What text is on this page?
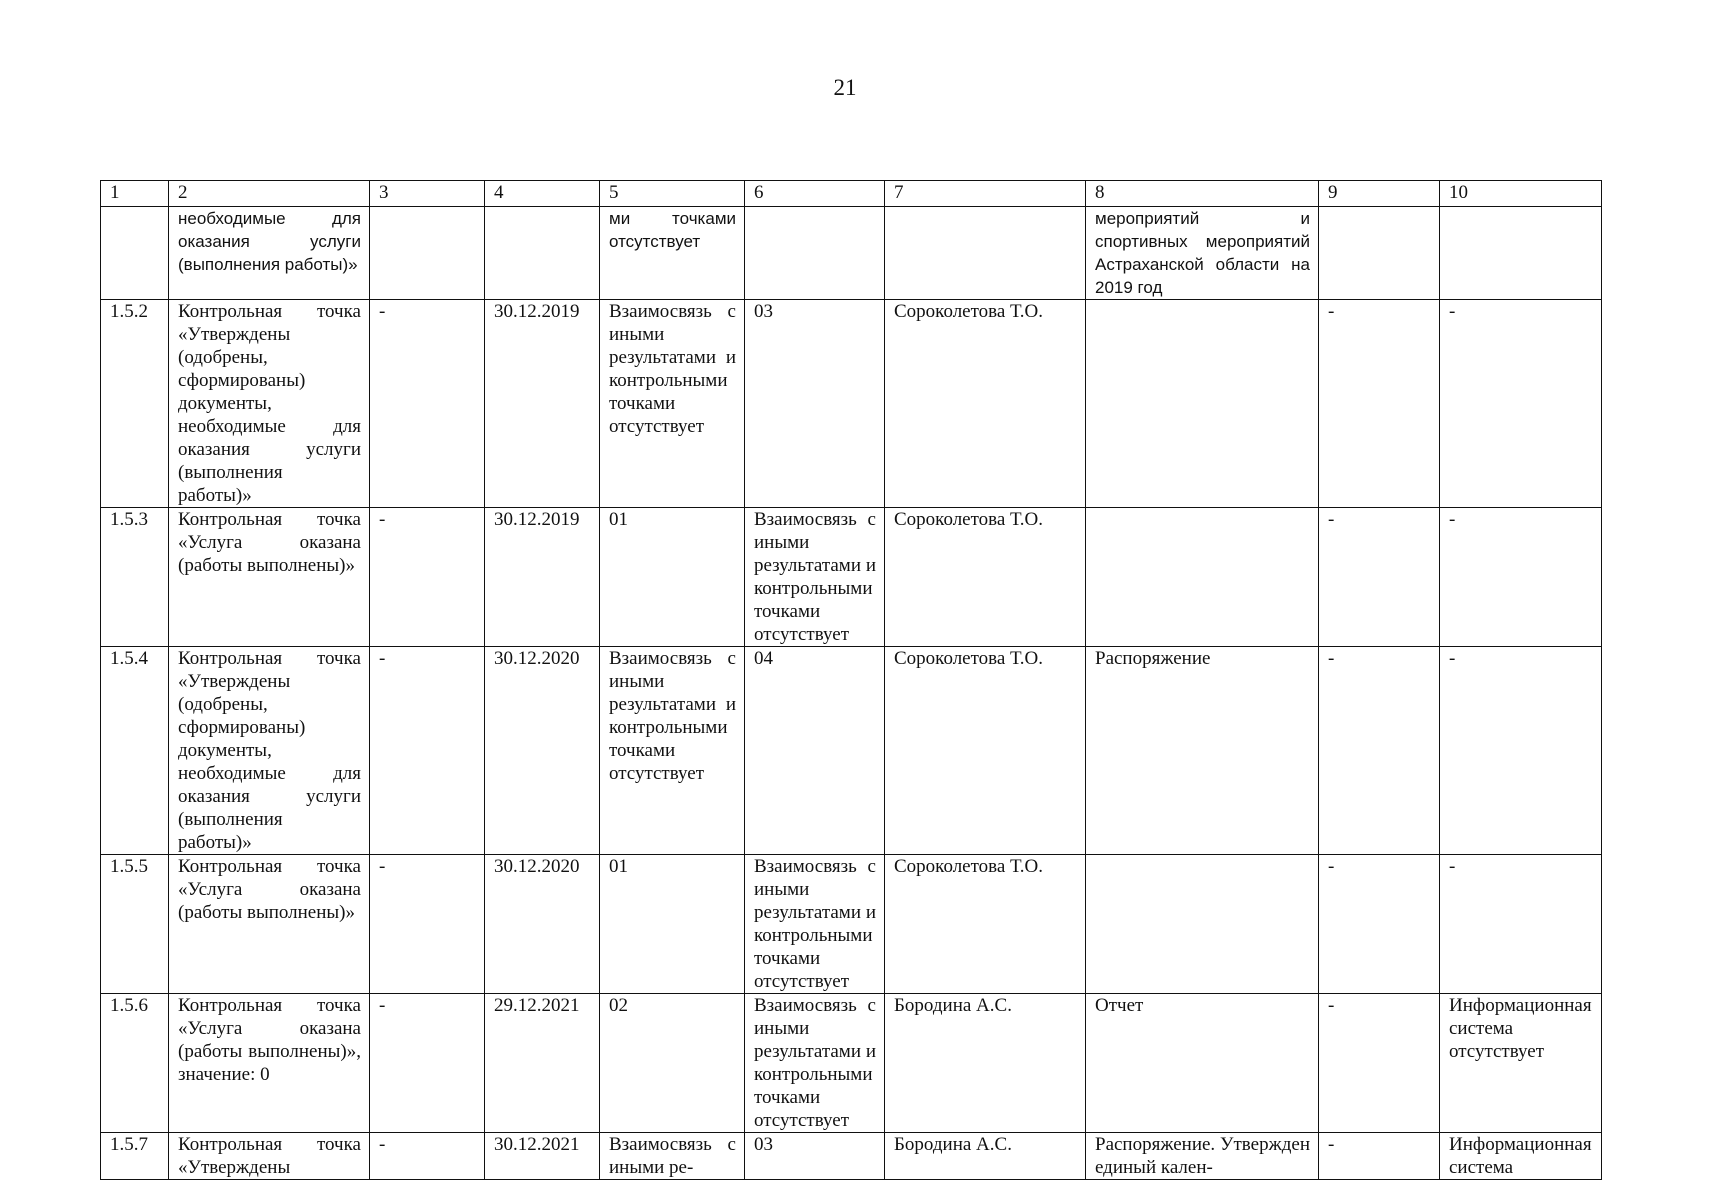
21
1	2	3	4	5	6	7	8	9	10
	необходимые для оказания услуги (выполнения работы)»			ми точками отсутствует			мероприятий и спортивных мероприятий Астраханской области на 2019 год		
1.5.2	Контрольная точка «Утверждены (одобрены, сформированы) документы, необходимые для оказания услуги (выполнения работы)»	-	30.12.2019	Взаимосвязь с иными результатами и контрольными точками отсутствует	03	Сороколетова Т.О.		-	-
1.5.3	Контрольная точка «Услуга оказана (работы выполнены)»	-	30.12.2019	01	Взаимосвязь с иными результатами и контрольными точками отсутствует	Сороколетова Т.О.		-	-
1.5.4	Контрольная точка «Утверждены (одобрены, сформированы) документы, необходимые для оказания услуги (выполнения работы)»	-	30.12.2020	Взаимосвязь с иными результатами и контрольными точками отсутствует	04	Сороколетова Т.О.	Распоряжение	-	-
1.5.5	Контрольная точка «Услуга оказана (работы выполнены)»	-	30.12.2020	01	Взаимосвязь с иными результатами и контрольными точками отсутствует	Сороколетова Т.О.		-	-
1.5.6	Контрольная точка «Услуга оказана (работы выполнены)», значение: 0	-	29.12.2021	02	Взаимосвязь с иными результатами и контрольными точками отсутствует	Бородина А.С.	Отчет	-	Информационная система отсутствует
1.5.7	Контрольная точка «Утверждены	-	30.12.2021	Взаимосвязь с иными ре-	03	Бородина А.С.	Распоряжение. Утвержден единый кален-	-	Информационная система
